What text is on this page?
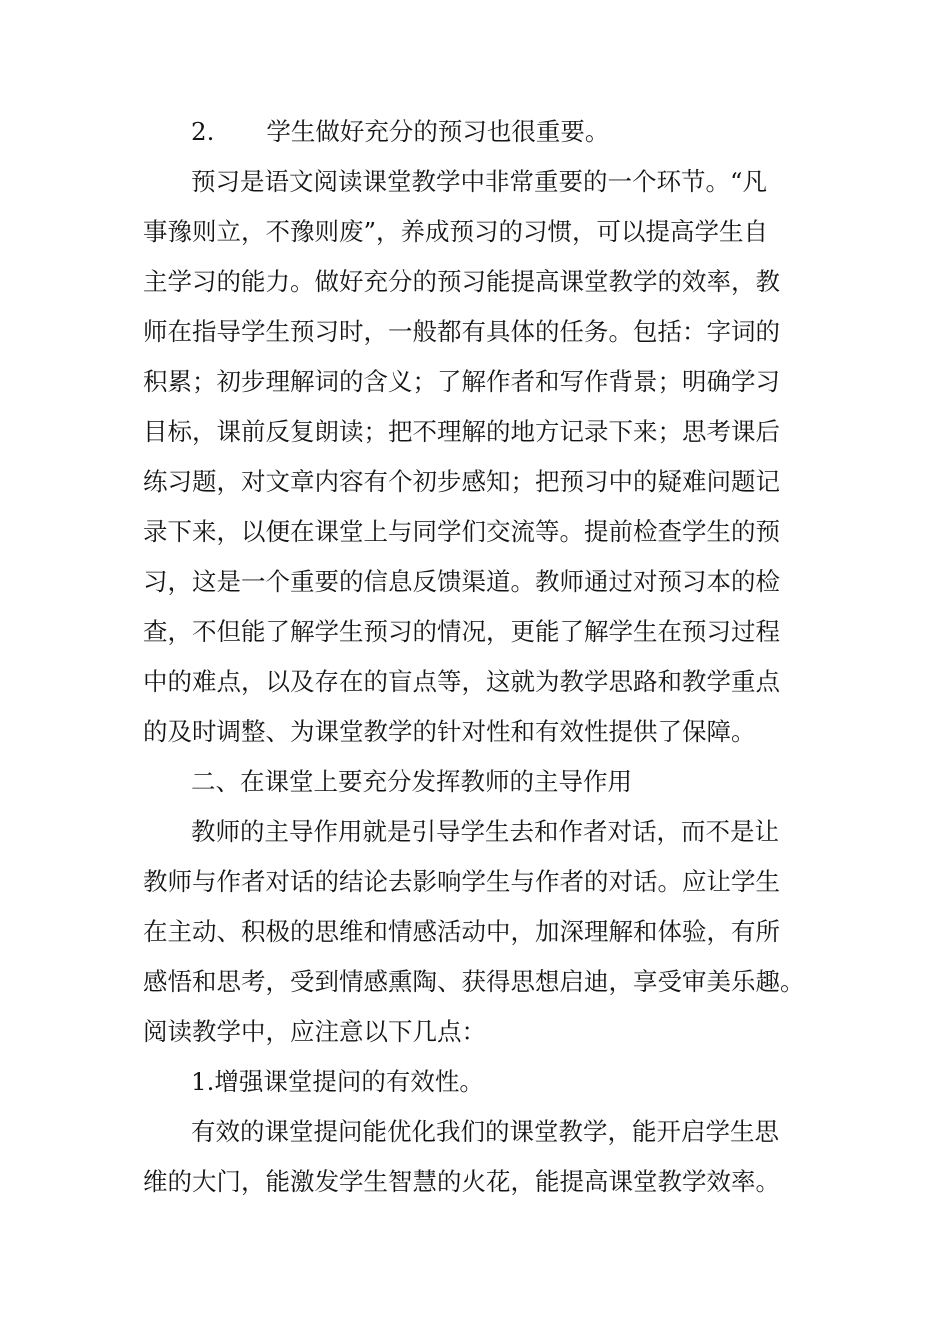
2. 学生做好充分的预习也很重要。
预习是语文阅读课堂教学中非常重要的一个环节。“凡
事豫则立，不豫则废”，养成预习的习惯，可以提高学生自
主学习的能力。做好充分的预习能提高课堂教学的效率，教
师在指导学生预习时，一般都有具体的任务。包括：字词的
积累；初步理解词的含义；了解作者和写作背景；明确学习
目标，课前反复朗读；把不理解的地方记录下来；思考课后
练习题，对文章内容有个初步感知；把预习中的疑难问题记
录下来，以便在课堂上与同学们交流等。提前检查学生的预
习，这是一个重要的信息反馈渠道。教师通过对预习本的检
查，不但能了解学生预习的情况，更能了解学生在预习过程
中的难点，以及存在的盲点等，这就为教学思路和教学重点
的及时调整、为课堂教学的针对性和有效性提供了保障。
二、在课堂上要充分发挥教师的主导作用
教师的主导作用就是引导学生去和作者对话，而不是让
教师与作者对话的结论去影响学生与作者的对话。应让学生
在主动、积极的思维和情感活动中，加深理解和体验，有所
感悟和思考，受到情感熏陶、获得思想启迪，享受审美乐趣。
阅读教学中，应注意以下几点：
1.增强课堂提问的有效性。
有效的课堂提问能优化我们的课堂教学，能开启学生思
维的大门，能激发学生智慧的火花，能提高课堂教学效率。
